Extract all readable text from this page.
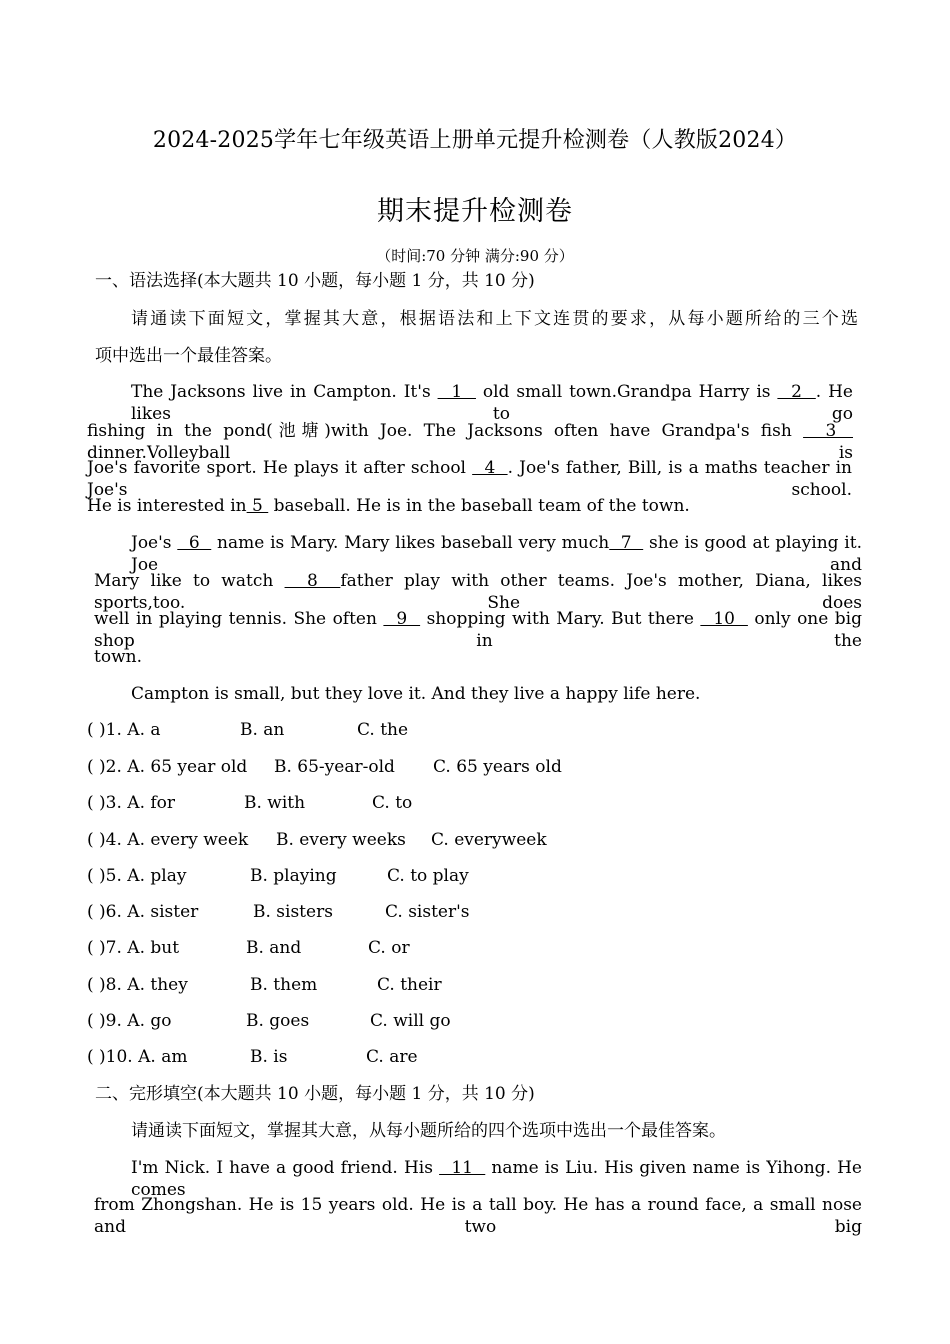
2024-2025学年七年级英语上册单元提升检测卷（人教版2024）
期末提升检测卷
（时间:70 分钟 满分:90 分）
一、语法选择(本大题共 10 小题，每小题 1 分，共 10 分)
请通读下面短文，掌握其大意，根据语法和上下文连贯的要求，从每小题所给的三个选
项中选出一个最佳答案。
The Jacksons live in Campton. It's   1   old small town.Grandpa Harry is   2  . He likes to go
fishing in the pond(池塘)with Joe. The Jacksons often have Grandpa's fish   3   dinner.Volleyball is
Joe's favorite sport. He plays it after school   4  . Joe's father, Bill, is a maths teacher in Joe's school.
He is interested in 5  baseball. He is in the baseball team of the town.
Joe's   6   name is Mary. Mary likes baseball very much  7   she is good at playing it. Joe and
Mary like to watch   8  father play with other teams. Joe's mother, Diana, likes sports,too. She does
well in playing tennis. She often   9   shopping with Mary. But there   10   only one big shop in the
town.
Campton is small, but they love it. And they live a happy life here.
( )1. A. a	B. an	C. the
( )2. A. 65 year old B. 65-year-old C. 65 years old
( )3. A. for	B. with	C. to
( )4. A. every week B. every weeks C. everyweek
( )5. A. play	B. playing	C. to play
( )6. A. sister	B. sisters	C. sister's
( )7. A. but	B. and	C. or
( )8. A. they	B. them	C. their
( )9. A. go	B. goes	C. will go
( )10. A. am	B. is	C. are
二、完形填空(本大题共 10 小题，每小题 1 分，共 10 分)
请通读下面短文，掌握其大意，从每小题所给的四个选项中选出一个最佳答案。
I'm Nick. I have a good friend. His   11   name is Liu. His given name is Yihong. He comes
from Zhongshan. He is 15 years old. He is a tall boy. He has a round face, a small nose and two big
